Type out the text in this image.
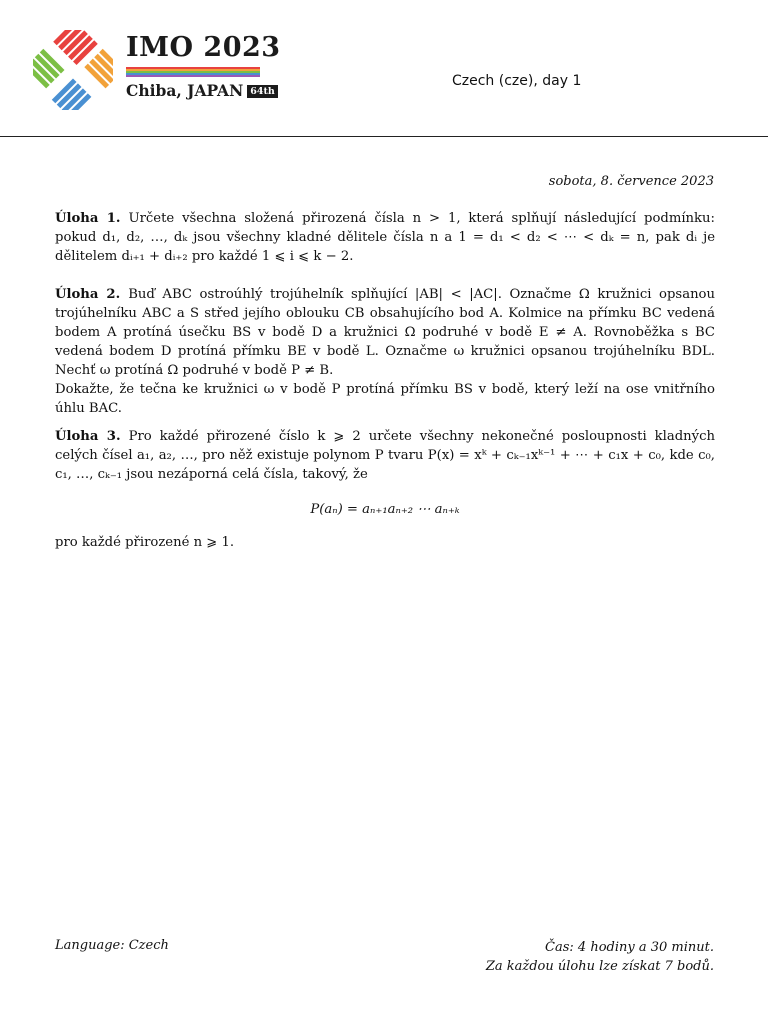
IMO 2023
Chiba, JAPAN 64th
Czech (cze), day 1
sobota, 8. července 2023
Úloha 1. Určete všechna složená přirozená čísla n > 1, která splňují následující podmínku: pokud d₁, d₂, …, dₖ jsou všechny kladné dělitele čísla n a 1 = d₁ < d₂ < ⋯ < dₖ = n, pak dᵢ je dělitelem dᵢ₊₁ + dᵢ₊₂ pro každé 1 ⩽ i ⩽ k − 2.
Úloha 2. Buď ABC ostroúhlý trojúhelník splňující |AB| < |AC|. Označme Ω kružnici opsanou trojúhelníku ABC a S střed jejího oblouku CB obsahujícího bod A. Kolmice na přímku BC vedená bodem A protíná úsečku BS v bodě D a kružnici Ω podruhé v bodě E ≠ A. Rovnoběžka s BC vedená bodem D protíná přímku BE v bodě L. Označme ω kružnici opsanou trojúhelníku BDL. Nechť ω protíná Ω podruhé v bodě P ≠ B.
Dokažte, že tečna ke kružnici ω v bodě P protíná přímku BS v bodě, který leží na ose vnitřního úhlu BAC.
Úloha 3. Pro každé přirozené číslo k ⩾ 2 určete všechny nekonečné posloupnosti kladných celých čísel a₁, a₂, …, pro něž existuje polynom P tvaru P(x) = xᵏ + cₖ₋₁xᵏ⁻¹ + ⋯ + c₁x + c₀, kde c₀, c₁, …, cₖ₋₁ jsou nezáporná celá čísla, takový, že
P(aₙ) = aₙ₊₁aₙ₊₂ ⋯ aₙ₊ₖ
pro každé přirozené n ⩾ 1.
Language: Czech	Čas: 4 hodiny a 30 minut.
Za každou úlohu lze získat 7 bodů.
